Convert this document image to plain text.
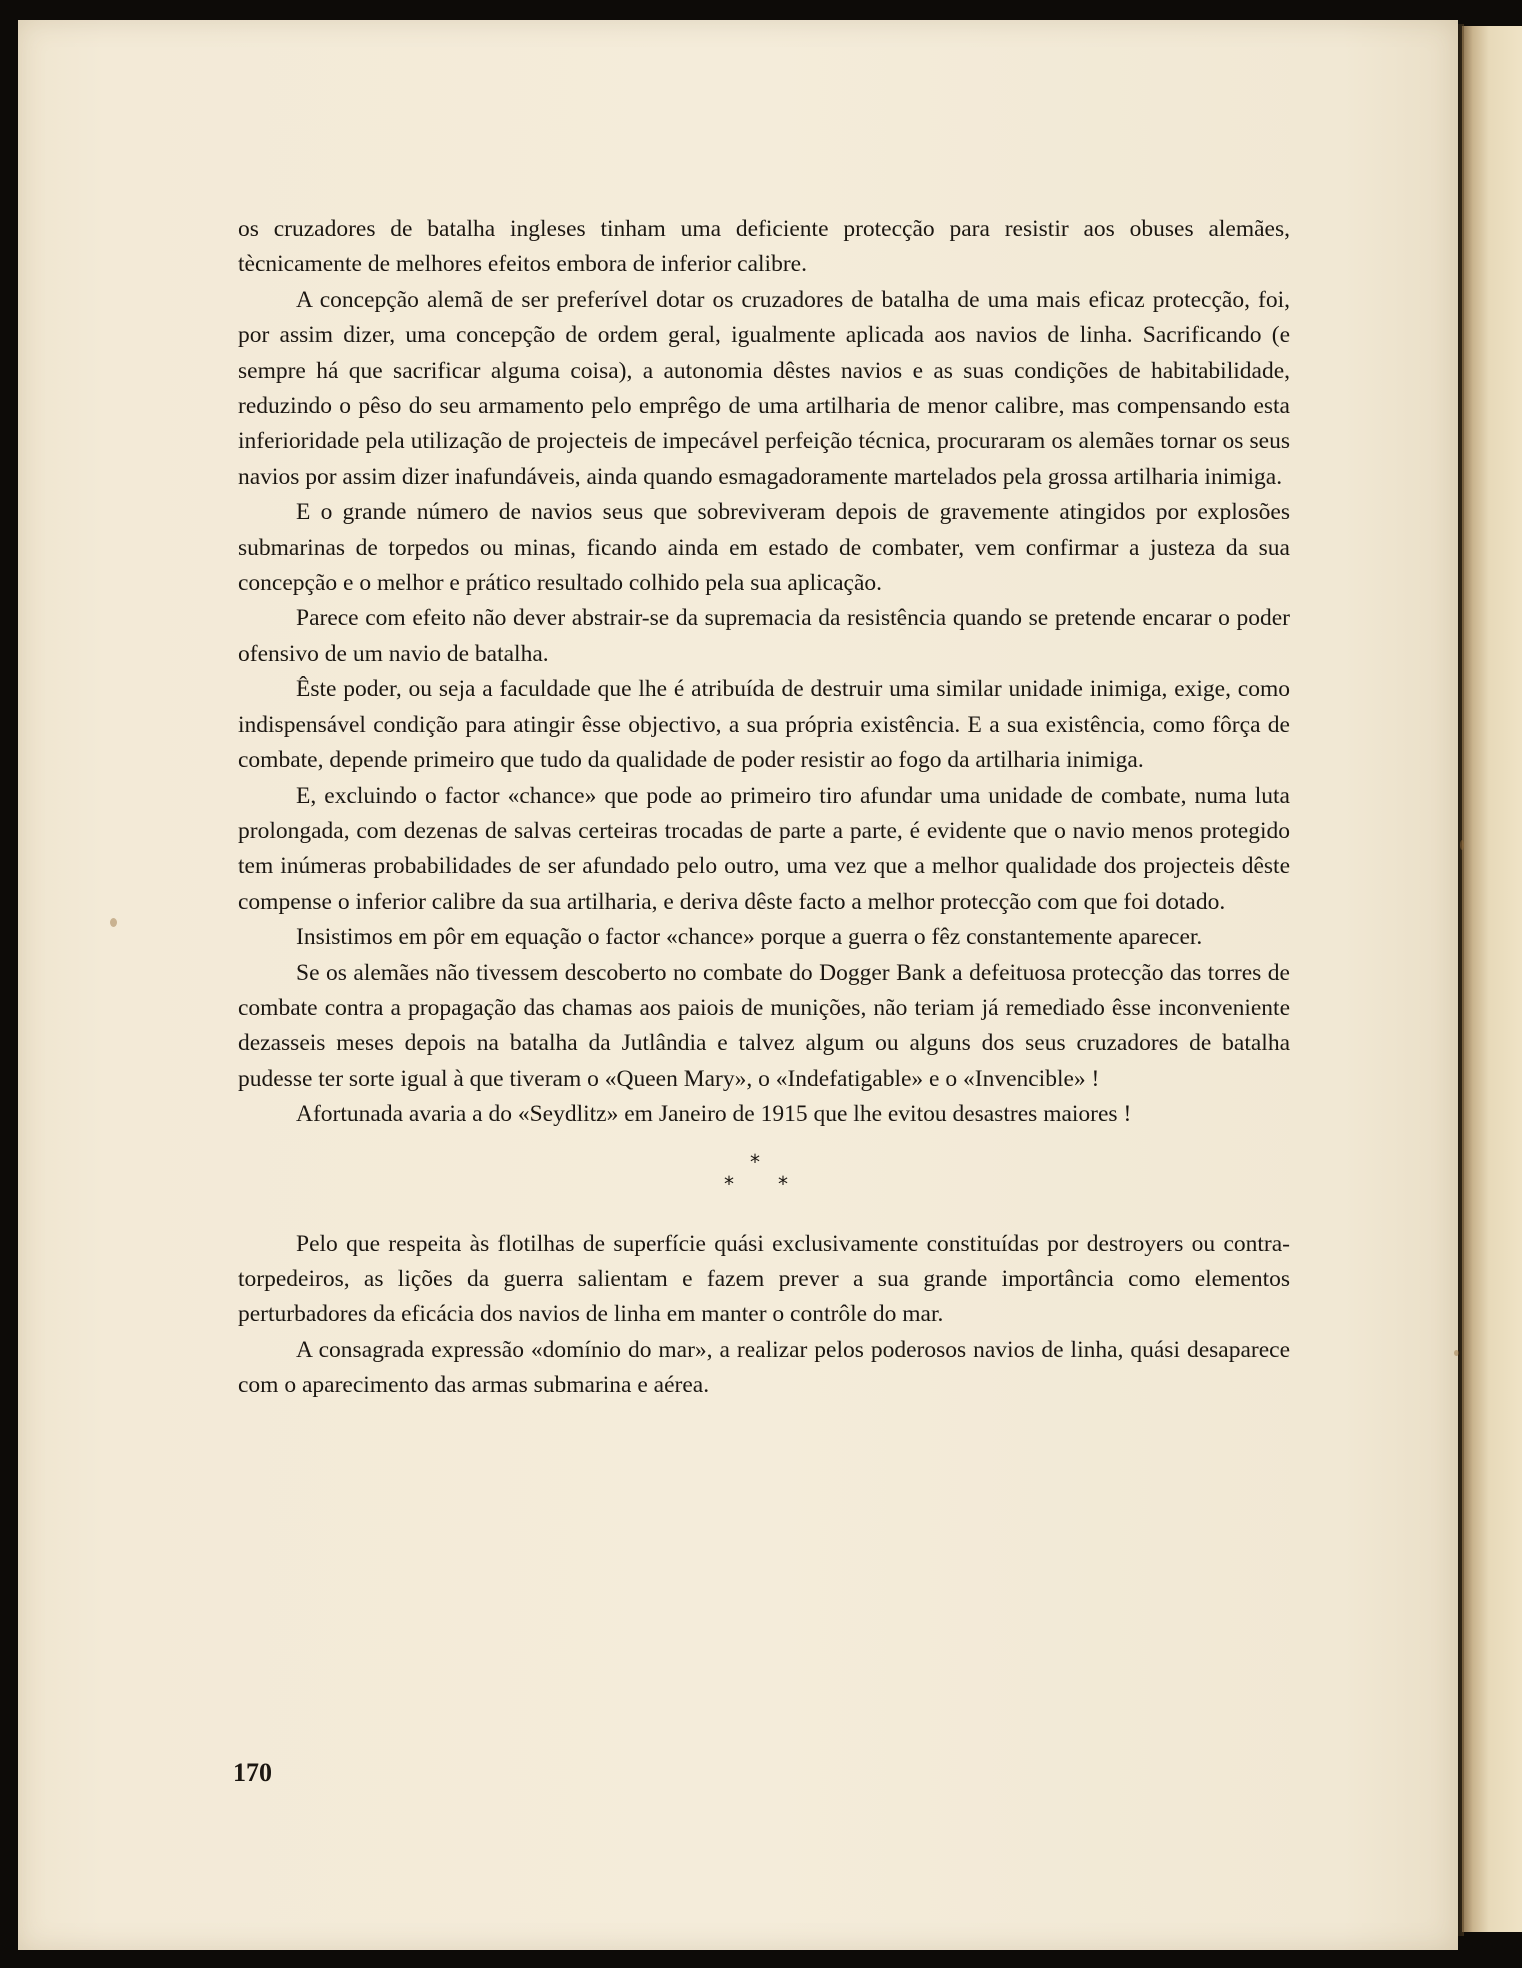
os cruzadores de batalha ingleses tinham uma deficiente protecção para resistir aos obuses alemães, tècnicamente de melhores efeitos embora de inferior calibre.

A concepção alemã de ser preferível dotar os cruzadores de batalha de uma mais eficaz protecção, foi, por assim dizer, uma concepção de ordem geral, igualmente aplicada aos navios de linha. Sacrificando (e sempre há que sacrificar alguma coisa), a autonomia dêstes navios e as suas condições de habitabilidade, reduzindo o pêso do seu armamento pelo emprêgo de uma artilharia de menor calibre, mas compensando esta inferioridade pela utilização de projecteis de impecável perfeição técnica, procuraram os alemães tornar os seus navios por assim dizer inafundáveis, ainda quando esmagadoramente martelados pela grossa artilharia inimiga.

E o grande número de navios seus que sobreviveram depois de gravemente atingidos por explosões submarinas de torpedos ou minas, ficando ainda em estado de combater, vem confirmar a justeza da sua concepção e o melhor e prático resultado colhido pela sua aplicação.

Parece com efeito não dever abstrair-se da supremacia da resistência quando se pretende encarar o poder ofensivo de um navio de batalha.

Êste poder, ou seja a faculdade que lhe é atribuída de destruir uma similar unidade inimiga, exige, como indispensável condição para atingir êsse objectivo, a sua própria existência. E a sua existência, como fôrça de combate, depende primeiro que tudo da qualidade de poder resistir ao fogo da artilharia inimiga.

E, excluindo o factor «chance» que pode ao primeiro tiro afundar uma unidade de combate, numa luta prolongada, com dezenas de salvas certeiras trocadas de parte a parte, é evidente que o navio menos protegido tem inúmeras probabilidades de ser afundado pelo outro, uma vez que a melhor qualidade dos projecteis dêste compense o inferior calibre da sua artilharia, e deriva dêste facto a melhor protecção com que foi dotado.

Insistimos em pôr em equação o factor «chance» porque a guerra o fêz constantemente aparecer.

Se os alemães não tivessem descoberto no combate do Dogger Bank a defeituosa protecção das torres de combate contra a propagação das chamas aos paiois de munições, não teriam já remediado êsse inconveniente dezasseis meses depois na batalha da Jutlândia e talvez algum ou alguns dos seus cruzadores de batalha pudesse ter sorte igual à que tiveram o «Queen Mary», o «Indefatigable» e o «Invencible» !

Afortunada avaria a do «Seydlitz» em Janeiro de 1915 que lhe evitou desastres maiores !

*
* *

Pelo que respeita às flotilhas de superfície quási exclusivamente constituídas por destroyers ou contra-torpedeiros, as lições da guerra salientam e fazem prever a sua grande importância como elementos perturbadores da eficácia dos navios de linha em manter o contrôle do mar.

A consagrada expressão «domínio do mar», a realizar pelos poderosos navios de linha, quási desaparece com o aparecimento das armas submarina e aérea.

170
